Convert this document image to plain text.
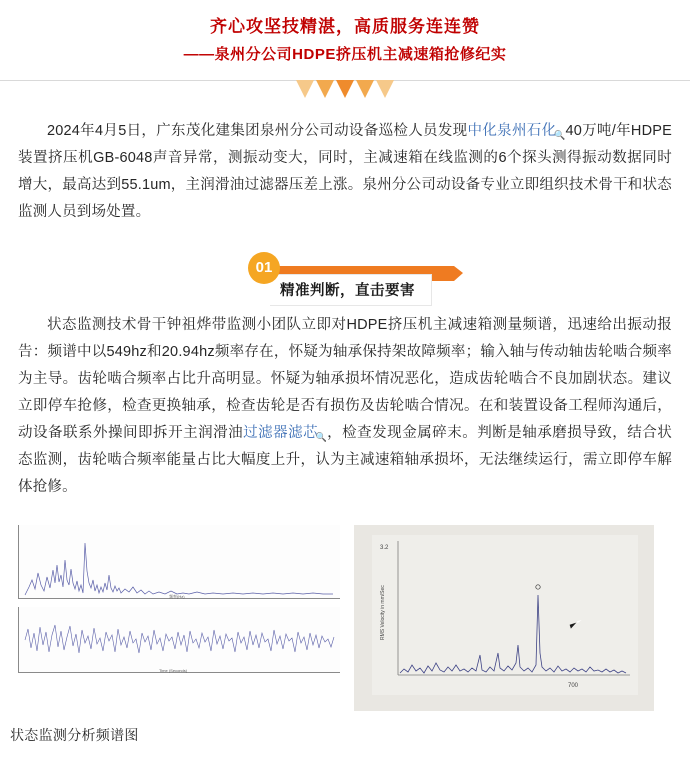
齐心攻坚技精湛，高质服务连连赞
——泉州分公司HDPE挤压机主减速箱抢修纪实

2024年4月5日，广东茂化建集团泉州分公司动设备巡检人员发现中化泉州石化
🔍 40万吨/年HDPE装置挤压机GB-6048声音异常，测振动变大，同时，主减速箱在线监测的6个探头测得振动数据同时增大，最高达到55.1um，主润滑油过滤器压差上涨。泉州分公司动设备专业立即组织技术骨干和状态监测人员到场处置。

01
精准判断，直击要害

状态监测技术骨干钟祖烨带监测小团队立即对HDPE挤压机主减速箱测量频谱，迅速给出振动报告：频谱中以549hz和20.94hz频率存在，怀疑为轴承保持架故障频率；输入轴与传动轴齿轮啮合频率为主导。齿轮啮合频率占比升高明显。怀疑为轴承损坏情况恶化，造成齿轮啮合不良加剧状态。建议立即停车抢修，检查更换轴承，检查齿轮是否有损伤及齿轮啮合情况。在和装置设备工程师沟通后，动设备联系外操间即拆开主润滑油过滤器滤芯
🔍 ，检查发现金属碎末。判断是轴承磨损导致，结合状态监测，齿轮啮合频率能量占比大幅度上升，认为主减速箱轴承损坏，无法继续运行，需立即停车解体抢修。

频率(Hz)
Time (Seconds)
3.2
700
RMS Velocity in mm/Sec
状态监测分析频谱图
